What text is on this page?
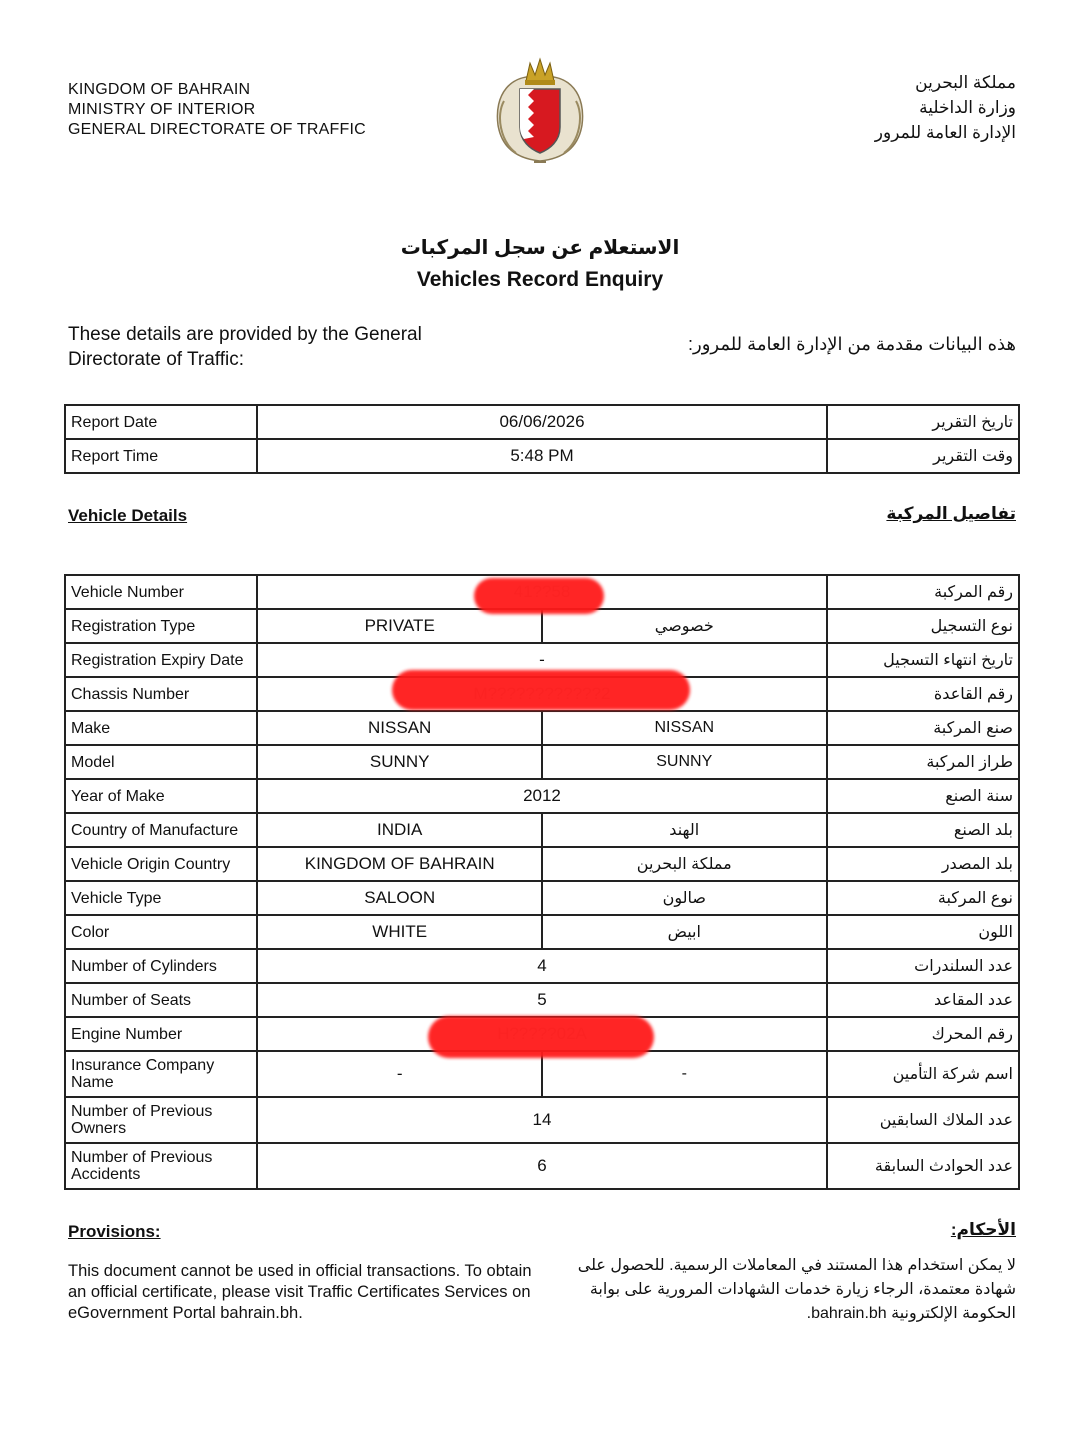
KINGDOM OF BAHRAIN
MINISTRY OF INTERIOR
GENERAL DIRECTORATE OF TRAFFIC
مملكة البحرين
وزارة الداخلية
الإدارة العامة للمرور
الاستعلام عن سجل المركبات
Vehicles Record Enquiry
These details are provided by the General Directorate of Traffic:
هذه البيانات مقدمة من الإدارة العامة للمرور:
Report Date	06/06/2026	تاريخ التقرير
Report Time	5:48 PM	وقت التقرير
Vehicle Details	تفاصيل المركبة
Vehicle Number			رقم المركبة
Registration Type	PRIVATE	خصوصي	نوع التسجيل
Registration Expiry Date	-		تاريخ انتهاء التسجيل
Chassis Number			رقم القاعدة
Make	NISSAN	NISSAN	صنع المركبة
Model	SUNNY	SUNNY	طراز المركبة
Year of Make	2012		سنة الصنع
Country of Manufacture	INDIA	الهند	بلد الصنع
Vehicle Origin Country	KINGDOM OF BAHRAIN	مملكة البحرين	بلد المصدر
Vehicle Type	SALOON	صالون	نوع المركبة
Color	WHITE	ابيض	اللون
Number of Cylinders	4		عدد السلندرات
Number of Seats	5		عدد المقاعد
Engine Number			رقم المحرك
Insurance Company Name	-	-	اسم شركة التأمين
Number of Previous Owners	14		عدد الملاك السابقين
Number of Previous Accidents	6		عدد الحوادث السابقة
Provisions:	الأحكام:
This document cannot be used in official transactions. To obtain an official certificate, please visit Traffic Certificates Services on eGovernment Portal bahrain.bh.
لا يمكن استخدام هذا المستند في المعاملات الرسمية. للحصول على شهادة معتمدة، الرجاء زيارة خدمات الشهادات المرورية على بوابة الحكومة الإلكترونية bahrain.bh.
